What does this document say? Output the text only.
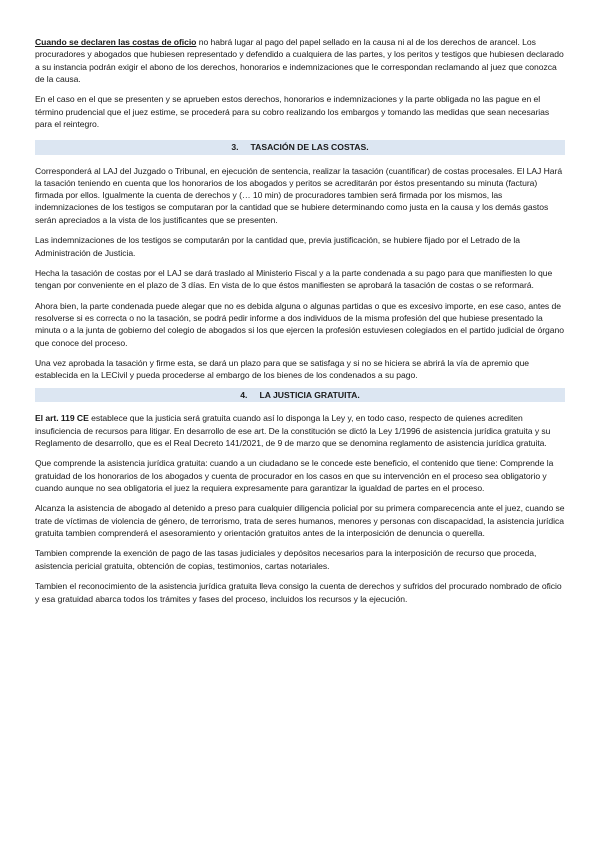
Cuando se declaren las costas de oficio no habrá lugar al pago del papel sellado en la causa ni al de los derechos de arancel. Los procuradores y abogados que hubiesen representado y defendido a cualquiera de las partes, y los peritos y testigos que hubiesen declarado a su instancia podrán exigir el abono de los derechos, honorarios e indemnizaciones que le correspondan reclamando al juez que conozca de la causa.

En el caso en el que se presenten y se aprueben estos derechos, honorarios e indemnizaciones y la parte obligada no las pague en el término prudencial que el juez estime, se procederá para su cobro realizando los embargos y tomando las medidas que sean necesarias para el reintegro.

3. TASACIÓN DE LAS COSTAS.

Corresponderá al LAJ del Juzgado o Tribunal, en ejecución de sentencia, realizar la tasación (cuantificar) de costas procesales. El LAJ Hará la tasación teniendo en cuenta que los honorarios de los abogados y peritos se acreditarán por éstos presentando su minuta (factura) firmada por ellos. Igualmente la cuenta de derechos y (… 10 min) de procuradores tambien será firmada por los mismos, las indemnizaciones de los testigos se computaran por la cantidad que se hubiere determinando como justa en la causa y los demás gastos serán apreciados a la vista de los justificantes que se presenten.

Las indemnizaciones de los testigos se computarán por la cantidad que, previa justificación, se hubiere fijado por el Letrado de la Administración de Justicia.

Hecha la tasación de costas por el LAJ se dará traslado al Ministerio Fiscal y a la parte condenada a su pago para que manifiesten lo que tengan por conveniente en el plazo de 3 días. En vista de lo que éstos manifiesten se aprobará la tasación de costas o se reformará.

Ahora bien, la parte condenada puede alegar que no es debida alguna o algunas partidas o que es excesivo importe, en ese caso, antes de resolverse si es correcta o no la tasación, se podrá pedir informe a dos individuos de la misma profesión del que hubiese presentado la minuta o a la junta de gobierno del colegio de abogados si los que ejercen la profesión estuviesen colegiados en el partido judicial de órgano que conoce del proceso.

Una vez aprobada la tasación y firme esta, se dará un plazo para que se satisfaga y si no se hiciera se abrirá la vía de apremio que establecida en la LECivil y pueda procederse al embargo de los bienes de los condenados a su pago.

4. LA JUSTICIA GRATUITA.

El art. 119 CE establece que la justicia será gratuita cuando así lo disponga la Ley y, en todo caso, respecto de quienes acrediten insuficiencia de recursos para litigar. En desarrollo de ese art. De la constitución se dictó la Ley 1/1996 de asistencia jurídica gratuita y su Reglamento de desarrollo, que es el Real Decreto 141/2021, de 9 de marzo que se denomina reglamento de asistencia jurídica gratuita.

Que comprende la asistencia jurídica gratuita: cuando a un ciudadano se le concede este beneficio, el contenido que tiene: Comprende la gratuidad de los honorarios de los abogados y cuenta de procurador en los casos en que su intervención en el proceso sea obligatorio y cuando aunque no sea obligatoria el juez la requiera expresamente para garantizar la igualdad de partes en el proceso.

Alcanza la asistencia de abogado al detenido a preso para cualquier diligencia policial por su primera comparecencia ante el juez, cuando se trate de víctimas de violencia de género, de terrorismo, trata de seres humanos, menores y personas con discapacidad, la asistencia jurídica gratuita tambien comprenderá el asesoramiento y orientación gratuitos antes de la interposición de denuncia o querella.

Tambien comprende la exención de pago de las tasas judiciales y depósitos necesarios para la interposición de recurso que proceda, asistencia pericial gratuita, obtención de copias, testimonios, cartas notariales.

Tambien el reconocimiento de la asistencia jurídica gratuita lleva consigo la cuenta de derechos y sufridos del procurado nombrado de oficio y esa gratuidad abarca todos los trámites y fases del proceso, incluidos los recursos y la ejecución.
